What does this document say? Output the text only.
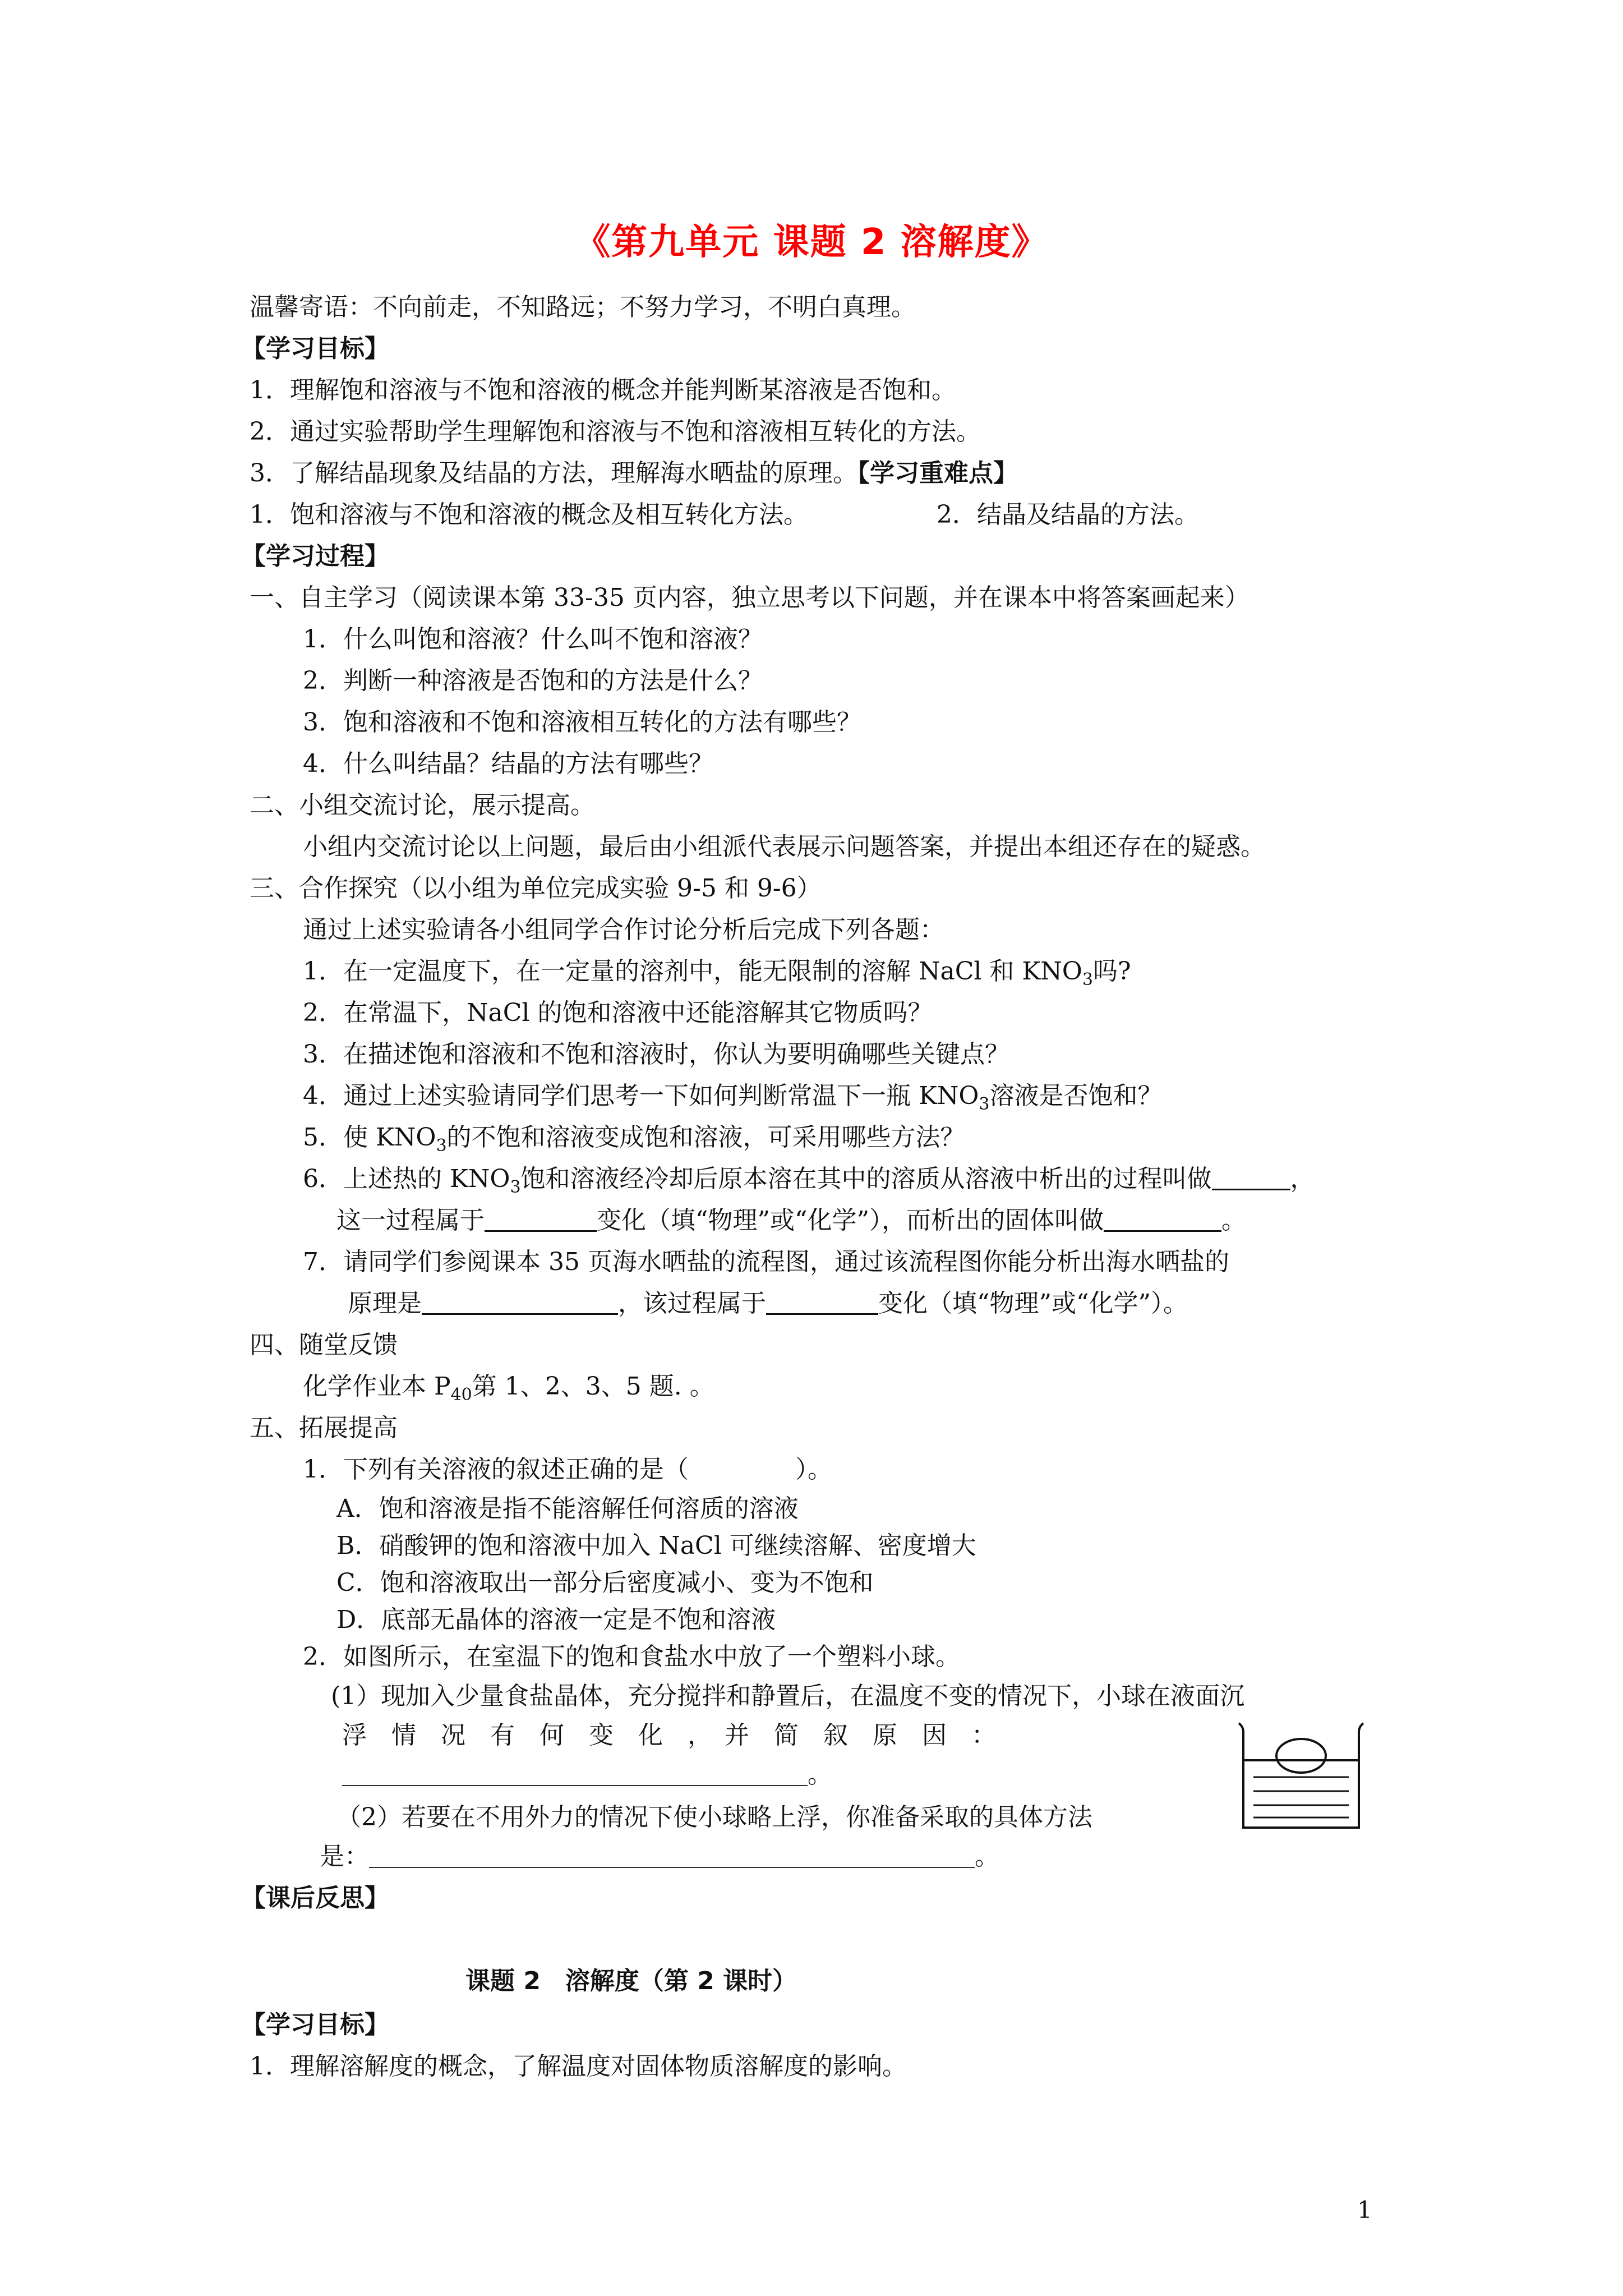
《第九单元 课题 2 溶解度》
温馨寄语：不向前走，不知路远；不努力学习，不明白真理。
【学习目标】
1．理解饱和溶液与不饱和溶液的概念并能判断某溶液是否饱和。
2．通过实验帮助学生理解饱和溶液与不饱和溶液相互转化的方法。
3．了解结晶现象及结晶的方法，理解海水晒盐的原理。【学习重难点】
1．饱和溶液与不饱和溶液的概念及相互转化方法。	2．结晶及结晶的方法。
【学习过程】
一、自主学习（阅读课本第 33-35 页内容，独立思考以下问题，并在课本中将答案画起来）
1．什么叫饱和溶液？什么叫不饱和溶液？
2．判断一种溶液是否饱和的方法是什么？
3．饱和溶液和不饱和溶液相互转化的方法有哪些？
4．什么叫结晶？结晶的方法有哪些？
二、小组交流讨论，展示提高。
小组内交流讨论以上问题，最后由小组派代表展示问题答案，并提出本组还存在的疑惑。
三、合作探究（以小组为单位完成实验 9-5 和 9-6）
通过上述实验请各小组同学合作讨论分析后完成下列各题：
1．在一定温度下，在一定量的溶剂中，能无限制的溶解 NaCl 和 $KNO_3$吗?
2．在常温下，NaCl 的饱和溶液中还能溶解其它物质吗？
3．在描述饱和溶液和不饱和溶液时，你认为要明确哪些关键点？
4．通过上述实验请同学们思考一下如何判断常温下一瓶 $KNO_3$溶液是否饱和？
5．使 $KNO_3$的不饱和溶液变成饱和溶液，可采用哪些方法？
6．上述热的 $KNO_3$饱和溶液经冷却后原本溶在其中的溶质从溶液中析出的过程叫做	，
这一过程属于	变化（填“物理”或“化学”），而析出的固体叫做	。
7．请同学们参阅课本 35 页海水晒盐的流程图，通过该流程图你能分析出海水晒盐的
原理是	，该过程属于	变化（填“物理”或“化学”）。
四、随堂反馈
化学作业本 $P_{40}$第 1、2、3、5 题. 。
五、拓展提高
1．下列有关溶液的叙述正确的是（	）。
A．饱和溶液是指不能溶解任何溶质的溶液
B．硝酸钾的饱和溶液中加入 NaCl 可继续溶解、密度增大
C．饱和溶液取出一部分后密度减小、变为不饱和
D．底部无晶体的溶液一定是不饱和溶液
2．如图所示，在室温下的饱和食盐水中放了一个塑料小球。
(1）现加入少量食盐晶体，充分搅拌和静置后，在温度不变的情况下，小球在液面沉
浮　情　况　有　何　变　化　，　并　简　叙　原　因　：
。
（2）若要在不用外力的情况下使小球略上浮，你准备采取的具体方法
是：	。
【课后反思】
课题 2　溶解度（第 2 课时）
【学习目标】
1．理解溶解度的概念，了解温度对固体物质溶解度的影响。
1
